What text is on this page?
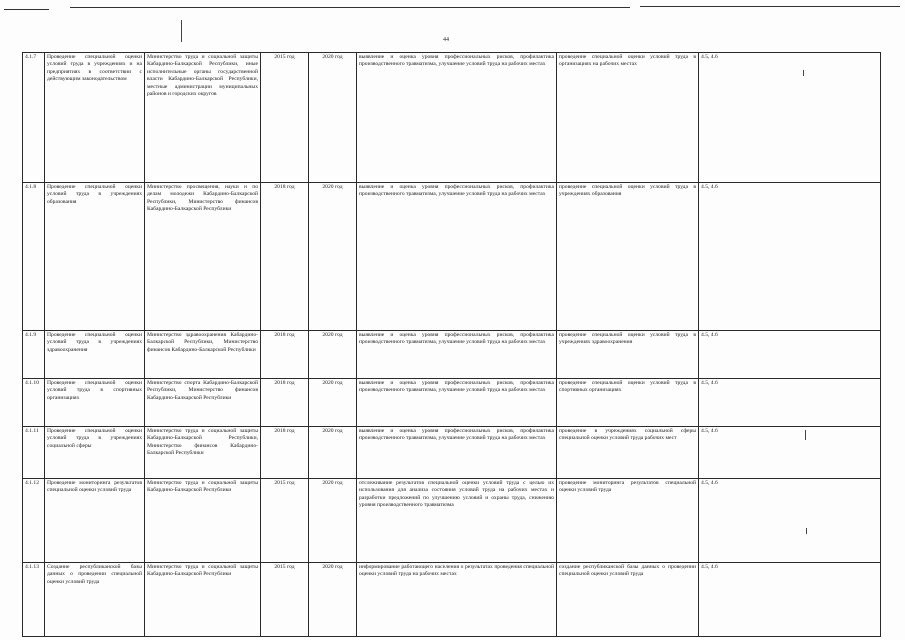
44
4.1.7	Проведение специальной оценки условий труда в учреждениях и на предприятиях в соответствии с действующим законодательством	Министерство труда и социальной защиты Кабардино-Балкарской Республики, иные исполнительные органы государственной власти Кабардино-Балкарской Республики, местные администрации муниципальных районов и городских округов	2015 год	2020 год	выявление и оценка уровня профессиональных рисков, профилактика производственного травматизма, улучшение условий труда на рабочих местах	проведение специальной оценки условий труда в организациях на рабочих местах	4.5, 4.6
4.1.8	Проведение специальной оценки условий труда в учреждениях образования	Министерство просвещения, науки и по делам молодежи Кабардино-Балкарской Республики, Министерство финансов Кабардино-Балкарской Республики	2018 год	2020 год	выявление и оценка уровня профессиональных рисков, профилактика производственного травматизма, улучшение условий труда на рабочих местах	проведение специальной оценки условий труда в учреждениях образования	4.5, 4.6
4.1.9	Проведение специальной оценки условий труда в учреждениях здравоохранения	Министерство здравоохранения Кабардино-Балкарской Республики, Министерство финансов Кабардино-Балкарской Республики	2018 год	2020 год	выявление и оценка уровня профессиональных рисков, профилактика производственного травматизма, улучшение условий труда на рабочих местах	проведение специальной оценки условий труда в учреждениях здравоохранения	4.5, 4.6
4.1.10	Проведение специальной оценки условий труда в спортивных организациях	Министерство спорта Кабардино-Балкарской Республики, Министерство финансов Кабардино-Балкарской Республики	2018 год	2020 год	выявление и оценка уровня профессиональных рисков, профилактика производственного травматизма, улучшение условий труда на рабочих местах	проведение специальной оценки условий труда в спортивных организациях	4.5, 4.6
4.1.11	Проведение специальной оценки условий труда в учреждениях социальной сферы	Министерство труда и социальной защиты Кабардино-Балкарской Республики, Министерство финансов Кабардино-Балкарской Республики	2018 год	2020 год	выявление и оценка уровня профессиональных рисков, профилактика производственного травматизма, улучшение условий труда на рабочих местах	проведение в учреждениях социальной сферы специальной оценки условий труда рабочих мест	4.5, 4.6
4.1.12	Проведение мониторинга результатов специальной оценки условий труда	Министерство труда и социальной защиты Кабардино-Балкарской Республики	2015 год	2020 год	отслеживание результатов специальной оценки условий труда с целью их использования для анализа состояния условий труда на рабочих местах и разработки предложений по улучшению условий и охраны труда, снижению уровня производственного травматизма	проведение мониторинга результатов специальной оценки условий труда	4.5, 4.6
4.1.13	Создание республиканской базы данных о проведении специальной оценки условий труда	Министерство труда и социальной защиты Кабардино-Балкарской Республики	2015 год	2020 год	информирование работающего населения о результатах проведения специальной оценки условий труда на рабочих местах	создание республиканской базы данных о проведении специальной оценки условий труда	4.5, 4.6
